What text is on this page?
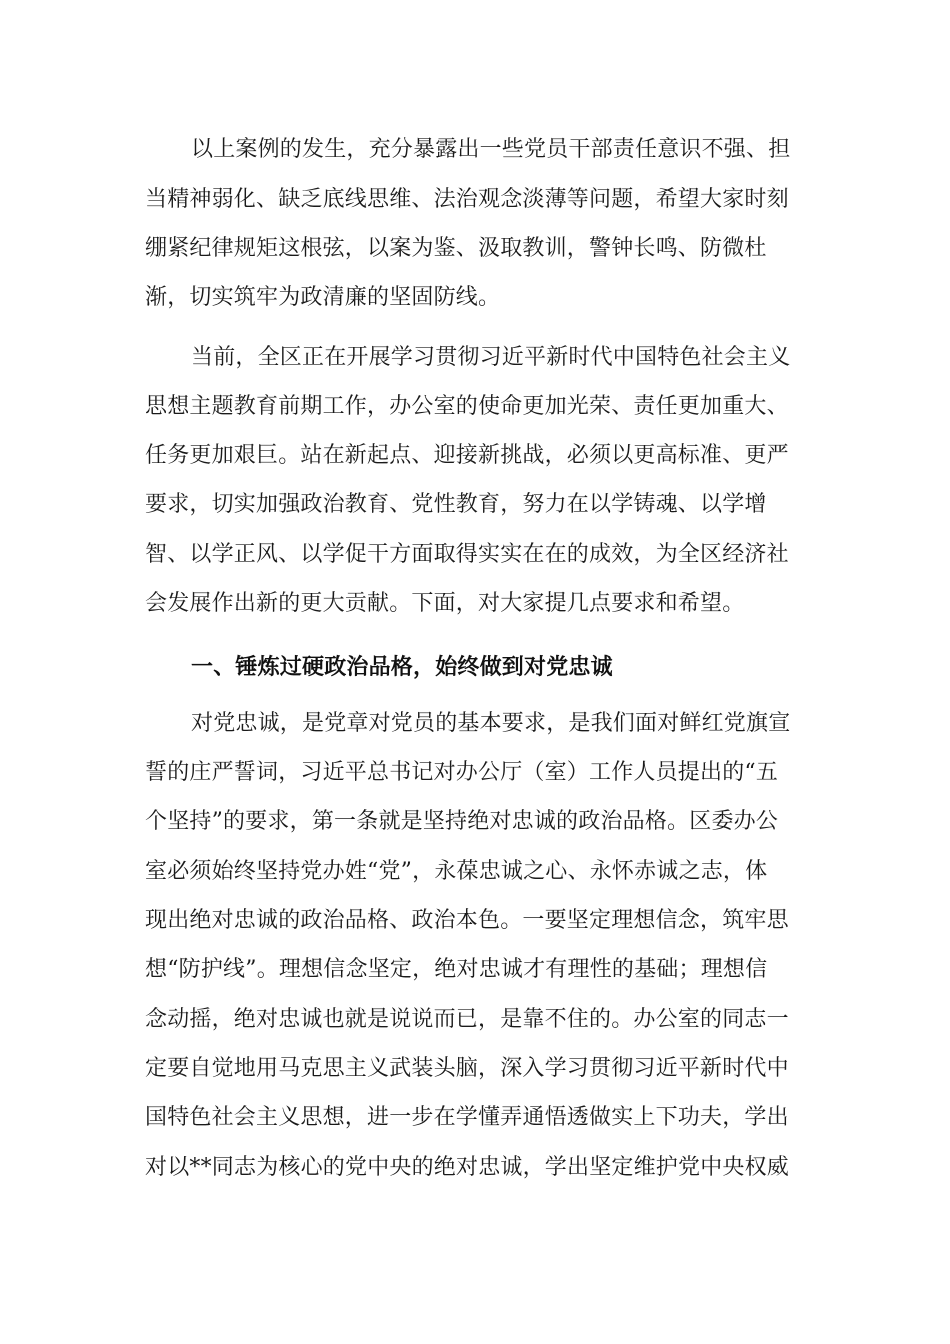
以上案例的发生，充分暴露出一些党员干部责任意识不强、担
当精神弱化、缺乏底线思维、法治观念淡薄等问题，希望大家时刻
绷紧纪律规矩这根弦，以案为鉴、汲取教训，警钟长鸣、防微杜
渐，切实筑牢为政清廉的坚固防线。
当前，全区正在开展学习贯彻习近平新时代中国特色社会主义
思想主题教育前期工作，办公室的使命更加光荣、责任更加重大、
任务更加艰巨。站在新起点、迎接新挑战，必须以更高标准、更严
要求，切实加强政治教育、党性教育，努力在以学铸魂、以学增
智、以学正风、以学促干方面取得实实在在的成效，为全区经济社
会发展作出新的更大贡献。下面，对大家提几点要求和希望。
一、锤炼过硬政治品格，始终做到对党忠诚
对党忠诚，是党章对党员的基本要求，是我们面对鲜红党旗宣
誓的庄严誓词，习近平总书记对办公厅（室）工作人员提出的“五
个坚持”的要求，第一条就是坚持绝对忠诚的政治品格。区委办公
室必须始终坚持党办姓“党”，永葆忠诚之心、永怀赤诚之志，体
现出绝对忠诚的政治品格、政治本色。一要坚定理想信念，筑牢思
想“防护线”。理想信念坚定，绝对忠诚才有理性的基础；理想信
念动摇，绝对忠诚也就是说说而已，是靠不住的。办公室的同志一
定要自觉地用马克思主义武装头脑，深入学习贯彻习近平新时代中
国特色社会主义思想，进一步在学懂弄通悟透做实上下功夫，学出
对以**同志为核心的党中央的绝对忠诚，学出坚定维护党中央权威
